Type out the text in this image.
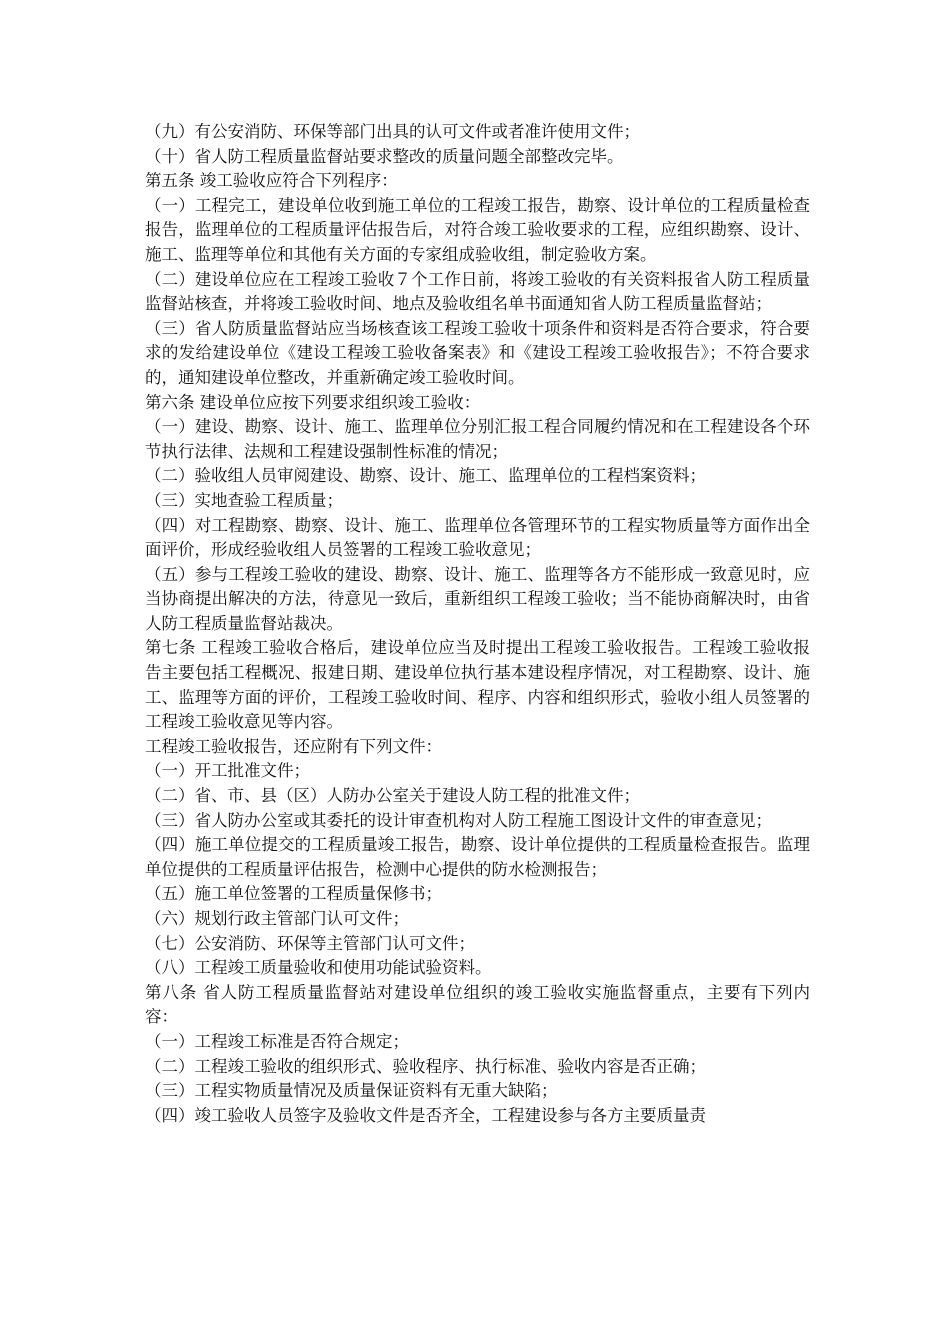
（九）有公安消防、环保等部门出具的认可文件或者准许使用文件；

（十）省人防工程质量监督站要求整改的质量问题全部整改完毕。

第五条 竣工验收应符合下列程序：

（一）工程完工，建设单位收到施工单位的工程竣工报告，勘察、设计单位的工程质量检查报告，监理单位的工程质量评估报告后，对符合竣工验收要求的工程，应组织勘察、设计、施工、监理等单位和其他有关方面的专家组成验收组，制定验收方案。

（二）建设单位应在工程竣工验收７个工作日前，将竣工验收的有关资料报省人防工程质量监督站核查，并将竣工验收时间、地点及验收组名单书面通知省人防工程质量监督站；

（三）省人防质量监督站应当场核查该工程竣工验收十项条件和资料是否符合要求，符合要求的发给建设单位《建设工程竣工验收备案表》和《建设工程竣工验收报告》；不符合要求的，通知建设单位整改，并重新确定竣工验收时间。

第六条 建设单位应按下列要求组织竣工验收：

（一）建设、勘察、设计、施工、监理单位分别汇报工程合同履约情况和在工程建设各个环节执行法律、法规和工程建设强制性标准的情况；

（二）验收组人员审阅建设、勘察、设计、施工、监理单位的工程档案资料；

（三）实地查验工程质量；

（四）对工程勘察、勘察、设计、施工、监理单位各管理环节的工程实物质量等方面作出全面评价，形成经验收组人员签署的工程竣工验收意见；

（五）参与工程竣工验收的建设、勘察、设计、施工、监理等各方不能形成一致意见时，应当协商提出解决的方法，待意见一致后，重新组织工程竣工验收；当不能协商解决时，由省人防工程质量监督站裁决。

第七条 工程竣工验收合格后，建设单位应当及时提出工程竣工验收报告。工程竣工验收报告主要包括工程概况、报建日期、建设单位执行基本建设程序情况，对工程勘察、设计、施工、监理等方面的评价，工程竣工验收时间、程序、内容和组织形式，验收小组人员签署的工程竣工验收意见等内容。

工程竣工验收报告，还应附有下列文件：

（一）开工批准文件；

（二）省、市、县（区）人防办公室关于建设人防工程的批准文件；

（三）省人防办公室或其委托的设计审查机构对人防工程施工图设计文件的审查意见；

（四）施工单位提交的工程质量竣工报告，勘察、设计单位提供的工程质量检查报告。监理单位提供的工程质量评估报告，检测中心提供的防水检测报告；

（五）施工单位签署的工程质量保修书；

（六）规划行政主管部门认可文件；

（七）公安消防、环保等主管部门认可文件；

（八）工程竣工质量验收和使用功能试验资料。

第八条 省人防工程质量监督站对建设单位组织的竣工验收实施监督重点，主要有下列内容：

（一）工程竣工标准是否符合规定；

（二）工程竣工验收的组织形式、验收程序、执行标准、验收内容是否正确；

（三）工程实物质量情况及质量保证资料有无重大缺陷；

（四）竣工验收人员签字及验收文件是否齐全，工程建设参与各方主要质量责
